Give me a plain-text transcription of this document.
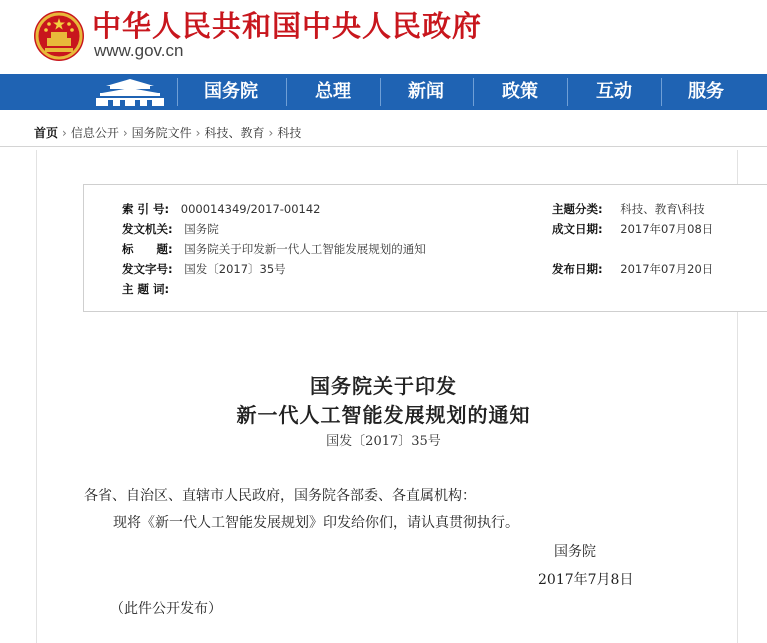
中华人民共和国中央人民政府
www.gov.cn
国务院	总理	新闻	政策	互动	服务
首页 › 信息公开 › 国务院文件 › 科技、教育 › 科技
索 引 号: 000014349/2017-00142	主题分类: 科技、教育\科技
发文机关: 国务院	成文日期: 2017年07月08日
标　　题: 国务院关于印发新一代人工智能发展规划的通知
发文字号: 国发〔2017〕35号	发布日期: 2017年07月20日
主 题 词:
国务院关于印发
新一代人工智能发展规划的通知
国发〔2017〕35号
各省、自治区、直辖市人民政府，国务院各部委、各直属机构：
现将《新一代人工智能发展规划》印发给你们，请认真贯彻执行。
国务院
2017年7月8日
（此件公开发布）
